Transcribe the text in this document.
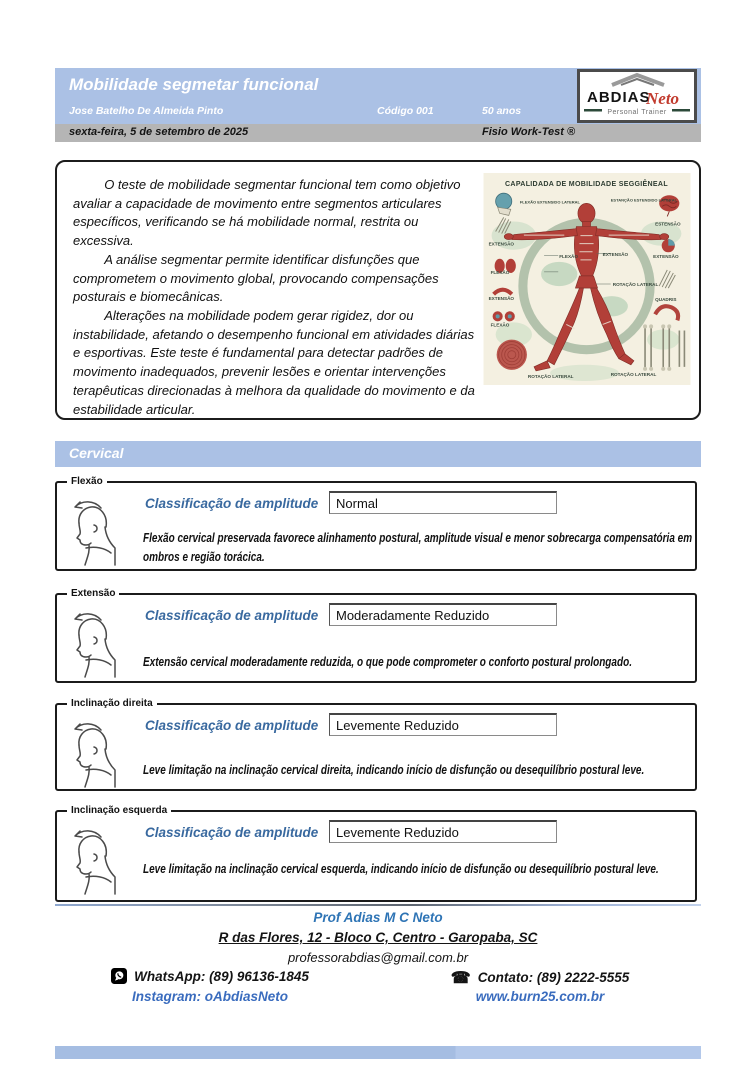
Mobilidade segmetar funcional
Jose Batelho De Almeida Pinto	Código 001	50 anos
sexta-feira, 5 de setembro de 2025	Fisio Work-Test ®
ABDIAS
Neto
Personal Trainer

O teste de mobilidade segmentar funcional tem como objetivo avaliar a capacidade de movimento entre segmentos articulares específicos, verificando se há mobilidade normal, restrita ou excessiva.

A análise segmentar permite identificar disfunções que comprometem o movimento global, provocando compensações posturais e biomecânicas.

Alterações na mobilidade podem gerar rigidez, dor ou instabilidade, afetando o desempenho funcional em atividades diárias e esportivas. Este teste é fundamental para detectar padrões de movimento inadequados, prevenir lesões e orientar intervenções terapêuticas direcionadas à melhora da qualidade do movimento e da estabilidade articular.

CAPALIDADA DE MOBILIDADE SEGGIÊNEAL
EXTENSÃO
FLEXÃO
EXTENSÃO
FLEXÃO
ESTENSÃO
EXTENSÃO
QUADRIS
ROTAÇÃO LATERAL	ROTAÇÃO LATERAL
FLEXÃO	EXTENSÃO
ROTAÇÃO LATERAL
FLEXÃO EXTENSIDO LATERAL	ESTANÇÃO ESTENDIDO LATERAL
Cervical
Flexão
Classificação de amplitude
Normal
Flexão cervical preservada favorece alinhamento postural, amplitude visual e menor sobrecarga compensatória em ombros e região torácica.
Extensão
Classificação de amplitude
Moderadamente Reduzido
Extensão cervical moderadamente reduzida, o que pode comprometer o conforto postural prolongado.
Inclinação direita
Classificação de amplitude
Levemente Reduzido
Leve limitação na inclinação cervical direita, indicando início de disfunção ou desequilíbrio postural leve.
Inclinação esquerda
Classificação de amplitude
Levemente Reduzido
Leve limitação na inclinação cervical esquerda, indicando início de disfunção ou desequilíbrio postural leve.
Prof Adias M C Neto
R das Flores, 12 - Bloco C, Centro - Garopaba, SC
professorabdias@gmail.com.br
WhatsApp: (89) 96136-1845	☎ Contato: (89) 2222-5555
Instagram: oAbdiasNeto	www.burn25.com.br
